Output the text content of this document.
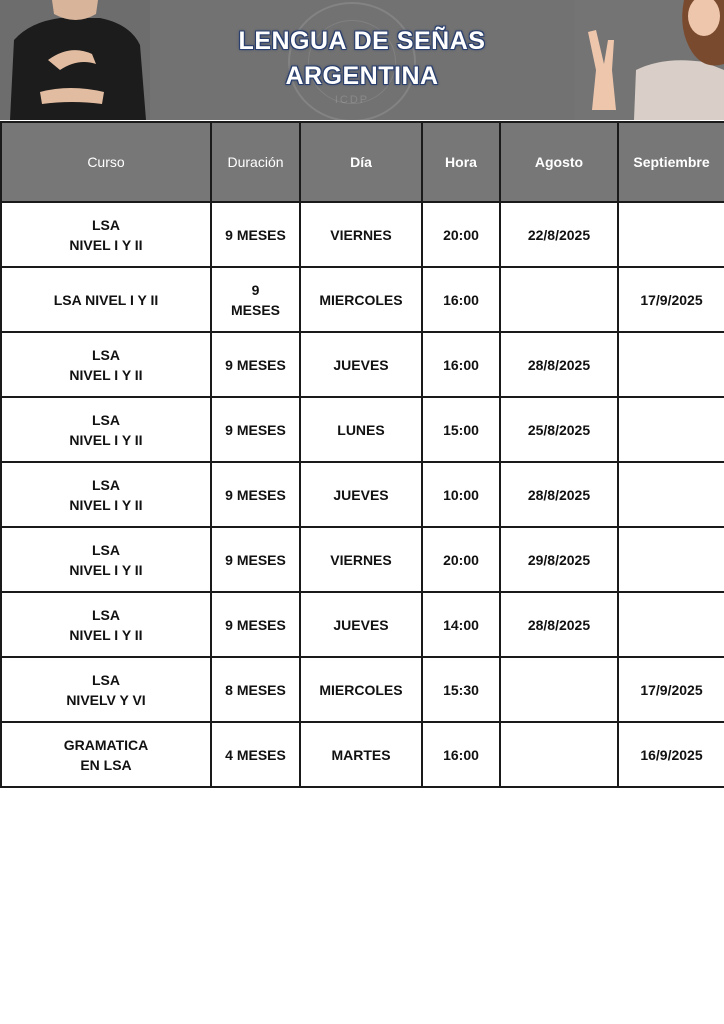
ICDP
LENGUA DE SEÑAS
ARGENTINA
Curso	Duración	Día	Hora	Agosto	Septiembre

LSA
NIVEL I Y II	9 MESES	VIERNES	20:00	22/8/2025	

LSA NIVEL I Y II	9
MESES	MIERCOLES	16:00		17/9/2025

LSA
NIVEL I Y II	9 MESES	JUEVES	16:00	28/8/2025	

LSA
NIVEL I Y II	9 MESES	LUNES	15:00	25/8/2025	

LSA
NIVEL I Y II	9 MESES	JUEVES	10:00	28/8/2025	

LSA
NIVEL I Y II	9 MESES	VIERNES	20:00	29/8/2025	

LSA
NIVEL I Y II	9 MESES	JUEVES	14:00	28/8/2025	

LSA
NIVELV Y VI	8 MESES	MIERCOLES	15:30		17/9/2025

GRAMATICA
EN LSA	4 MESES	MARTES	16:00		16/9/2025
